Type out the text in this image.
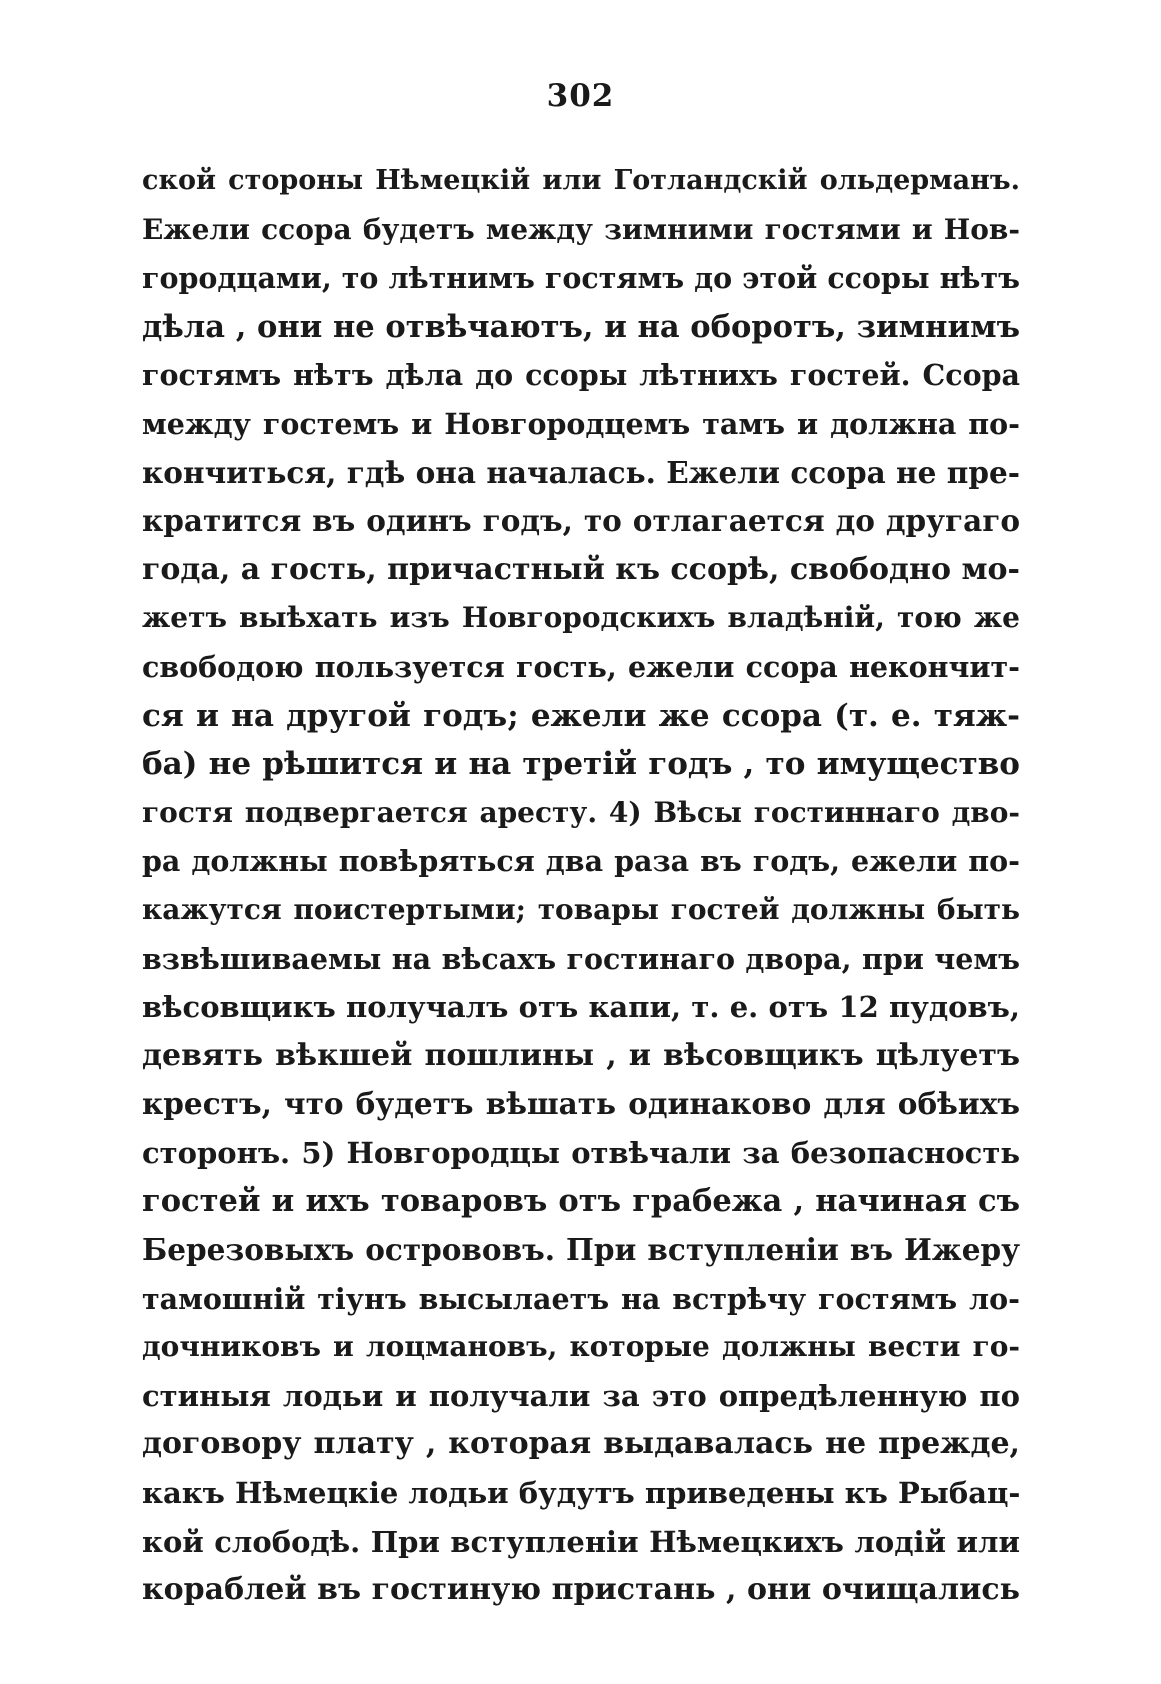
302
ской стороны Нѣмецкій или Готландскій ольдерманъ.
Ежели ссора будетъ между зимними гостями и Нов-
городцами, то лѣтнимъ гостямъ до этой ссоры нѣтъ
дѣла , они не отвѣчаютъ, и на оборотъ, зимнимъ
гостямъ нѣтъ дѣла до ссоры лѣтнихъ гостей. Ссора
между гостемъ и Новгородцемъ тамъ и должна по-
кончиться, гдѣ она началась. Ежели ссора не пре-
кратится въ одинъ годъ, то отлагается до другаго
года, а гость, причастный къ ссорѣ, свободно мо-
жетъ выѣхать изъ Новгородскихъ владѣній, тою же
свободою пользуется гость, ежели ссора некончит-
ся и на другой годъ; ежели же ссора (т. е. тяж-
ба) не рѣшится и на третій годъ , то имущество
гостя подвергается аресту. 4) Вѣсы гостиннаго дво-
ра должны повѣряться два раза въ годъ, ежели по-
кажутся поистертыми; товары гостей должны быть
взвѣшиваемы на вѣсахъ гостинаго двора, при чемъ
вѣсовщикъ получалъ отъ капи, т. е. отъ 12 пудовъ,
девять вѣкшей пошлины , и вѣсовщикъ цѣлуетъ
крестъ, что будетъ вѣшать одинаково для обѣихъ
сторонъ. 5) Новгородцы отвѣчали за безопасность
гостей и ихъ товаровъ отъ грабежа , начиная съ
Березовыхъ острововъ. При вступленіи въ Ижеру
тамошній тіунъ высылаетъ на встрѣчу гостямъ ло-
дочниковъ и лоцмановъ, которые должны вести го-
стиныя лодьи и получали за это опредѣленную по
договору плату , которая выдавалась не прежде,
какъ Нѣмецкіе лодьи будутъ приведены къ Рыбац-
кой слободѣ. При вступленіи Нѣмецкихъ лодій или
кораблей въ гостиную пристань , они очищались
